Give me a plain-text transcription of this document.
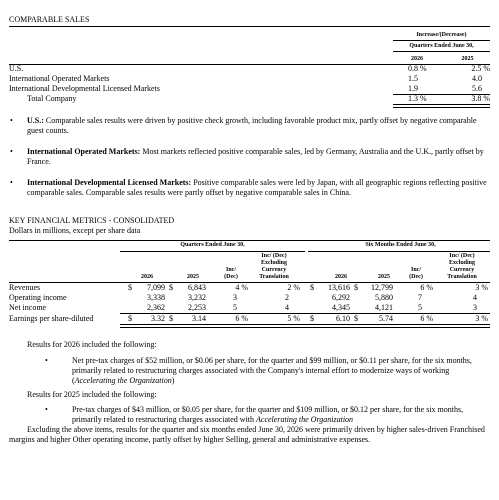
COMPARABLE SALES
Increase/(Decrease)
Quarters Ended June 30,
2026	2025
U.S.	0.8 %	2.5 %
International Operated Markets	1.5	4.0
International Developmental Licensed Markets	1.9	5.6
Total Company	1.3 %	3.8 %
• U.S.: Comparable sales results were driven by positive check growth, including favorable product mix, partly offset by negative comparable guest counts.
• International Operated Markets: Most markets reflected positive comparable sales, led by Germany, Australia and the U.K., partly offset by France.
• International Developmental Licensed Markets: Positive comparable sales were led by Japan, with all geographic regions reflecting positive comparable sales. Comparable sales results were partly offset by negative comparable sales in China.
KEY FINANCIAL METRICS - CONSOLIDATED
Dollars in millions, except per share data
Quarters Ended June 30,	Six Months Ended June 30,
2026	2025
Inc/ (Dec)
Inc/ (Dec) Excluding Currency Translation	2026	2025
Inc/ (Dec)
Inc/ (Dec) Excluding Currency Translation
Revenues	$	7,099 $	6,843	4 %	2 % $	13,616 $	12,799	6 %	3 %
Operating income	3,338	3,232	3	2	6,292	5,880	7	4
Net income	2,362	2,253	5	4	4,345	4,121	5	3
Earnings per share-diluted	$	3.32 $	3.14	6 %	5 % $	6.10 $	5.74	6 %	3 %
Results for 2026 included the following:
•	Net pre-tax charges of $52 million, or $0.06 per share, for the quarter and $99 million, or $0.11 per share, for the six months, primarily related to restructuring charges associated with the Company's internal effort to modernize ways of working (Accelerating the Organization)
Results for 2025 included the following:
•	Pre-tax charges of $43 million, or $0.05 per share, for the quarter and $109 million, or $0.12 per share, for the six months, primarily related to restructuring charges associated with Accelerating the Organization
Excluding the above items, results for the quarter and six months ended June 30, 2026 were primarily driven by higher sales-driven Franchised margins and higher Other operating income, partly offset by higher Selling, general and administrative expenses.
